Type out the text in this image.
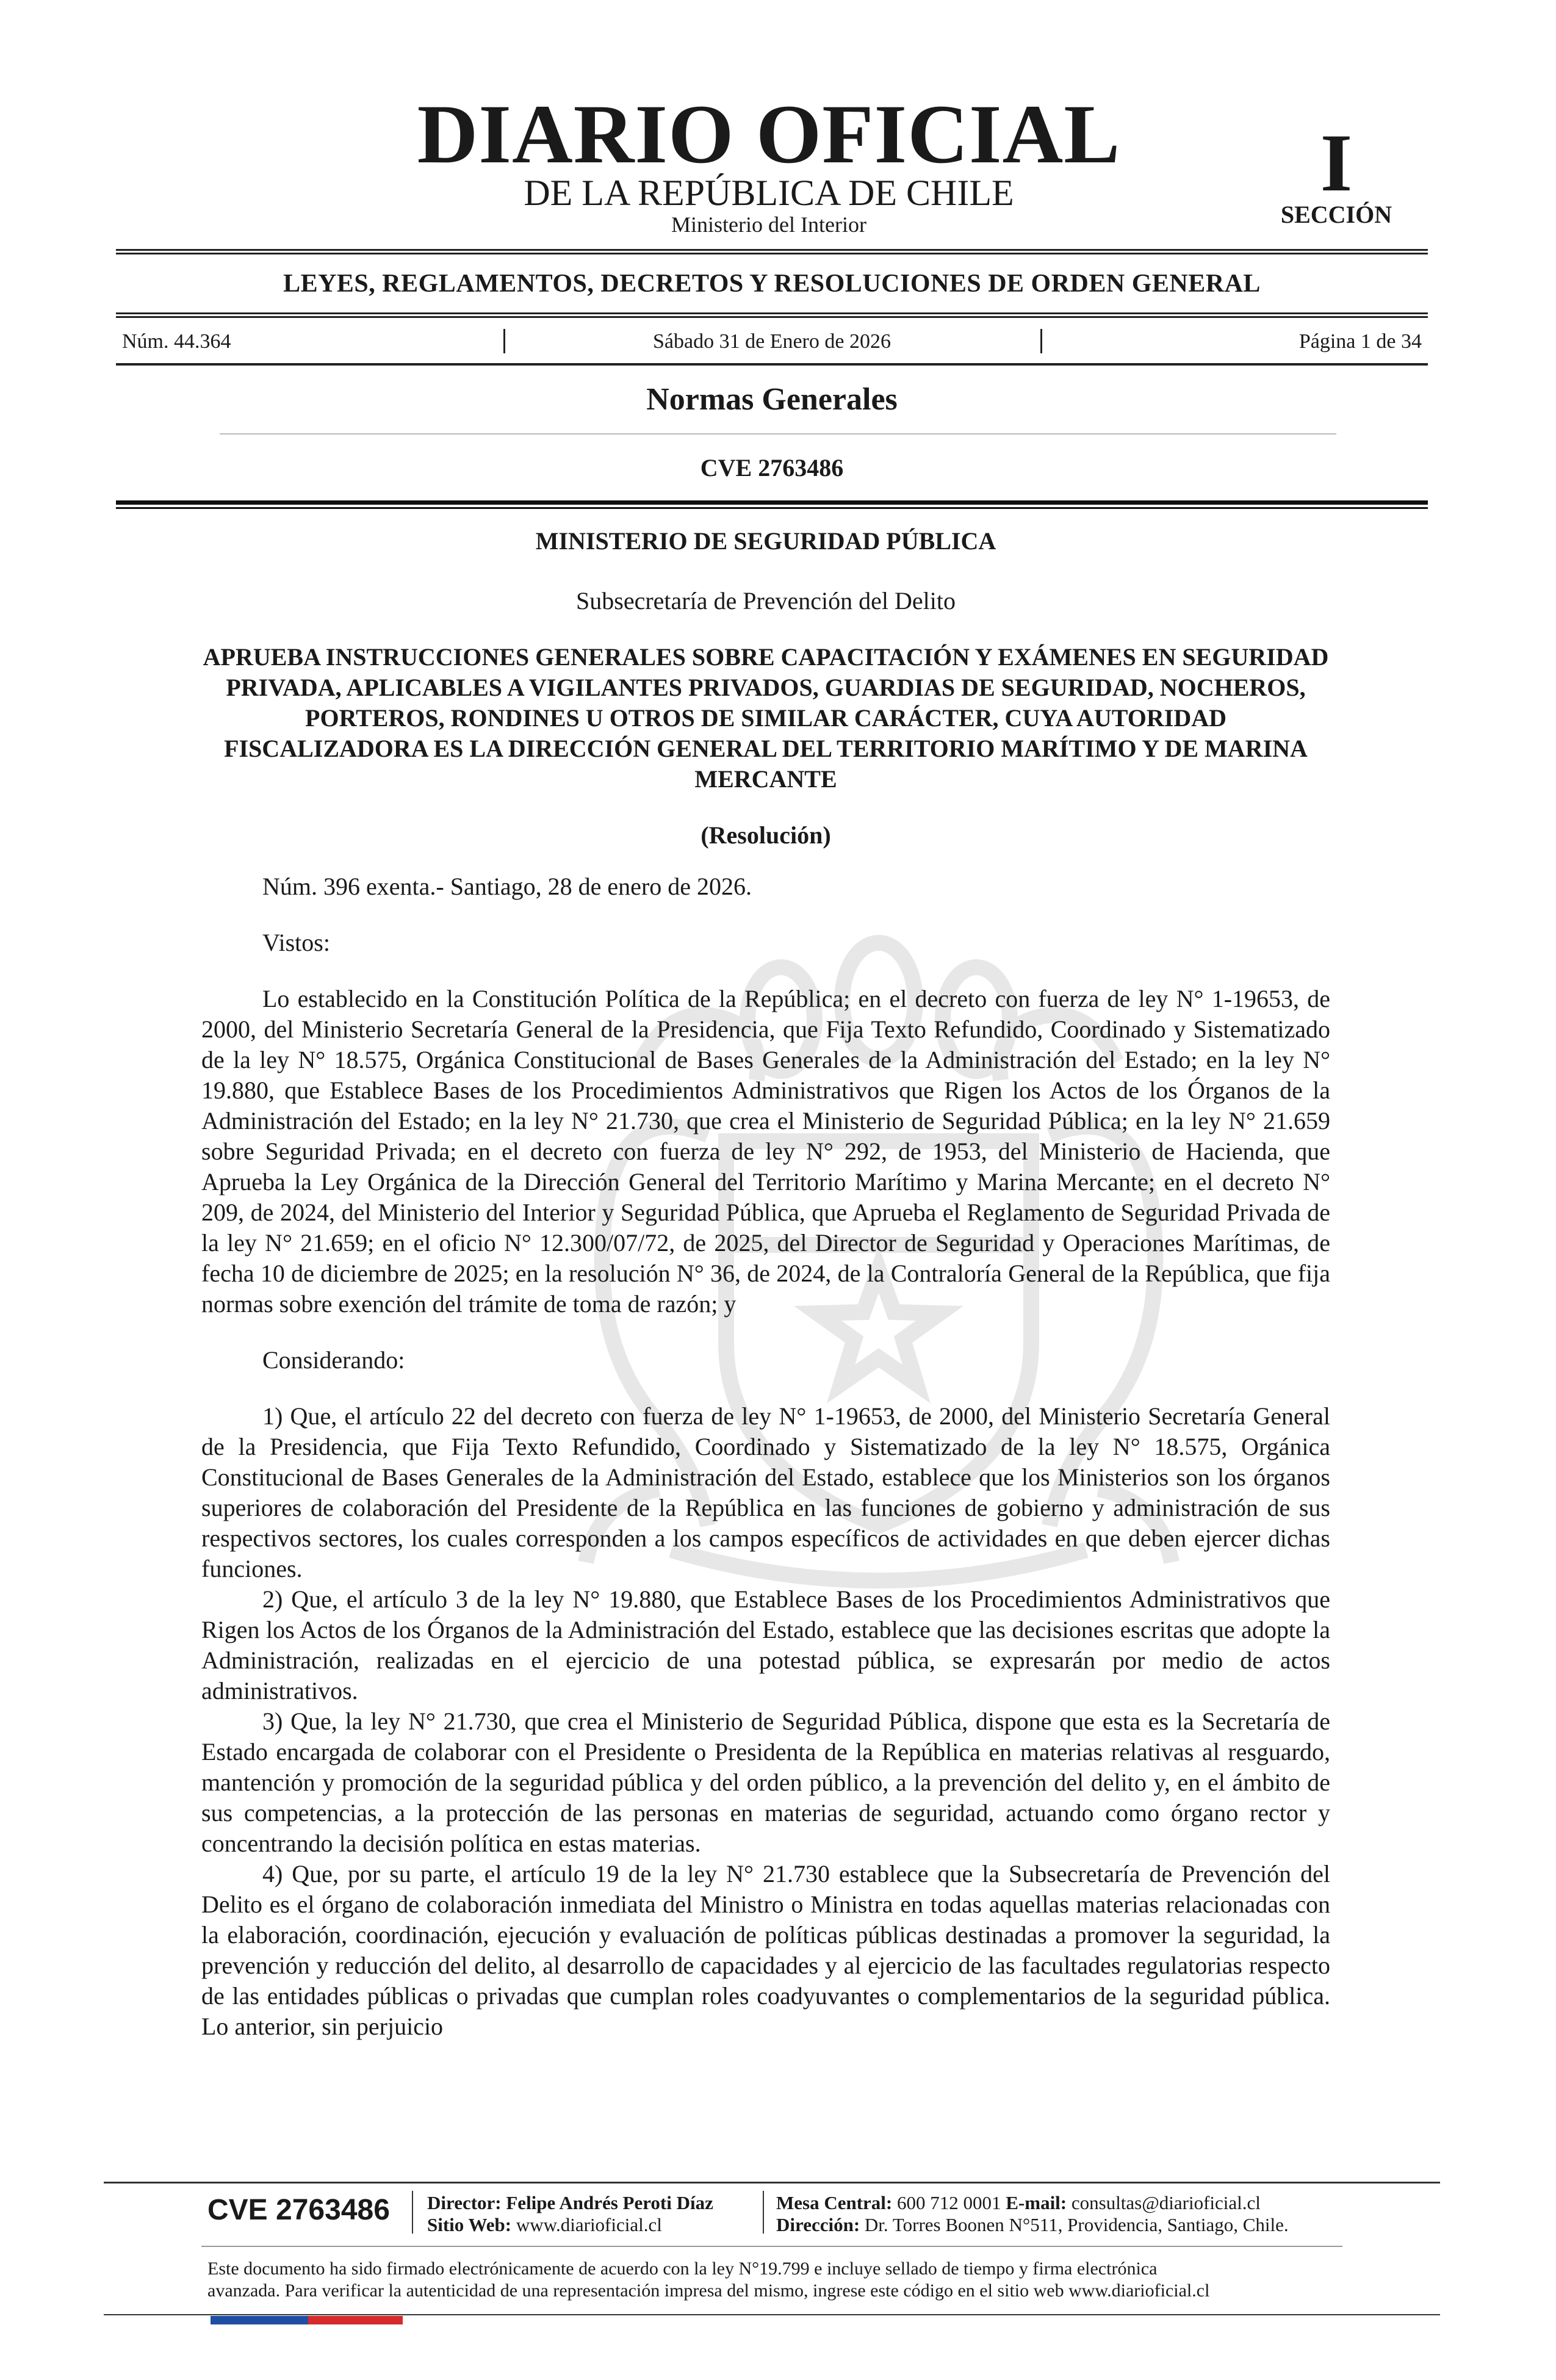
DIARIO OFICIAL
DE LA REPÚBLICA DE CHILE
Ministerio del Interior
I
SECCIÓN
LEYES, REGLAMENTOS, DECRETOS Y RESOLUCIONES DE ORDEN GENERAL
Núm. 44.364	Sábado 31 de Enero de 2026	Página 1 de 34
Normas Generales
CVE 2763486

MINISTERIO DE SEGURIDAD PÚBLICA

Subsecretaría de Prevención del Delito

APRUEBA INSTRUCCIONES GENERALES SOBRE CAPACITACIÓN Y EXÁMENES EN SEGURIDAD PRIVADA, APLICABLES A VIGILANTES PRIVADOS, GUARDIAS DE SEGURIDAD, NOCHEROS, PORTEROS, RONDINES U OTROS DE SIMILAR CARÁCTER, CUYA AUTORIDAD FISCALIZADORA ES LA DIRECCIÓN GENERAL DEL TERRITORIO MARÍTIMO Y DE MARINA MERCANTE

(Resolución)

Núm. 396 exenta.- Santiago, 28 de enero de 2026.

Vistos:

Lo establecido en la Constitución Política de la República; en el decreto con fuerza de ley N° 1-19653, de 2000, del Ministerio Secretaría General de la Presidencia, que Fija Texto Refundido, Coordinado y Sistematizado de la ley N° 18.575, Orgánica Constitucional de Bases Generales de la Administración del Estado; en la ley N° 19.880, que Establece Bases de los Procedimientos Administrativos que Rigen los Actos de los Órganos de la Administración del Estado; en la ley N° 21.730, que crea el Ministerio de Seguridad Pública; en la ley N° 21.659 sobre Seguridad Privada; en el decreto con fuerza de ley N° 292, de 1953, del Ministerio de Hacienda, que Aprueba la Ley Orgánica de la Dirección General del Territorio Marítimo y Marina Mercante; en el decreto N° 209, de 2024, del Ministerio del Interior y Seguridad Pública, que Aprueba el Reglamento de Seguridad Privada de la ley N° 21.659; en el oficio N° 12.300/07/72, de 2025, del Director de Seguridad y Operaciones Marítimas, de fecha 10 de diciembre de 2025; en la resolución N° 36, de 2024, de la Contraloría General de la República, que fija normas sobre exención del trámite de toma de razón; y

Considerando:

1) Que, el artículo 22 del decreto con fuerza de ley N° 1-19653, de 2000, del Ministerio Secretaría General de la Presidencia, que Fija Texto Refundido, Coordinado y Sistematizado de la ley N° 18.575, Orgánica Constitucional de Bases Generales de la Administración del Estado, establece que los Ministerios son los órganos superiores de colaboración del Presidente de la República en las funciones de gobierno y administración de sus respectivos sectores, los cuales corresponden a los campos específicos de actividades en que deben ejercer dichas funciones.

2) Que, el artículo 3 de la ley N° 19.880, que Establece Bases de los Procedimientos Administrativos que Rigen los Actos de los Órganos de la Administración del Estado, establece que las decisiones escritas que adopte la Administración, realizadas en el ejercicio de una potestad pública, se expresarán por medio de actos administrativos.

3) Que, la ley N° 21.730, que crea el Ministerio de Seguridad Pública, dispone que esta es la Secretaría de Estado encargada de colaborar con el Presidente o Presidenta de la República en materias relativas al resguardo, mantención y promoción de la seguridad pública y del orden público, a la prevención del delito y, en el ámbito de sus competencias, a la protección de las personas en materias de seguridad, actuando como órgano rector y concentrando la decisión política en estas materias.

4) Que, por su parte, el artículo 19 de la ley N° 21.730 establece que la Subsecretaría de Prevención del Delito es el órgano de colaboración inmediata del Ministro o Ministra en todas aquellas materias relacionadas con la elaboración, coordinación, ejecución y evaluación de políticas públicas destinadas a promover la seguridad, la prevención y reducción del delito, al desarrollo de capacidades y al ejercicio de las facultades regulatorias respecto de las entidades públicas o privadas que cumplan roles coadyuvantes o complementarios de la seguridad pública. Lo anterior, sin perjuicio

CVE 2763486 Director: Felipe Andrés Peroti Díaz
Sitio Web: www.diarioficial.cl
Mesa Central: 600 712 0001 E-mail: consultas@diarioficial.cl
Dirección: Dr. Torres Boonen N°511, Providencia, Santiago, Chile.
Este documento ha sido firmado electrónicamente de acuerdo con la ley N°19.799 e incluye sellado de tiempo y firma electrónica
avanzada. Para verificar la autenticidad de una representación impresa del mismo, ingrese este código en el sitio web www.diarioficial.cl
